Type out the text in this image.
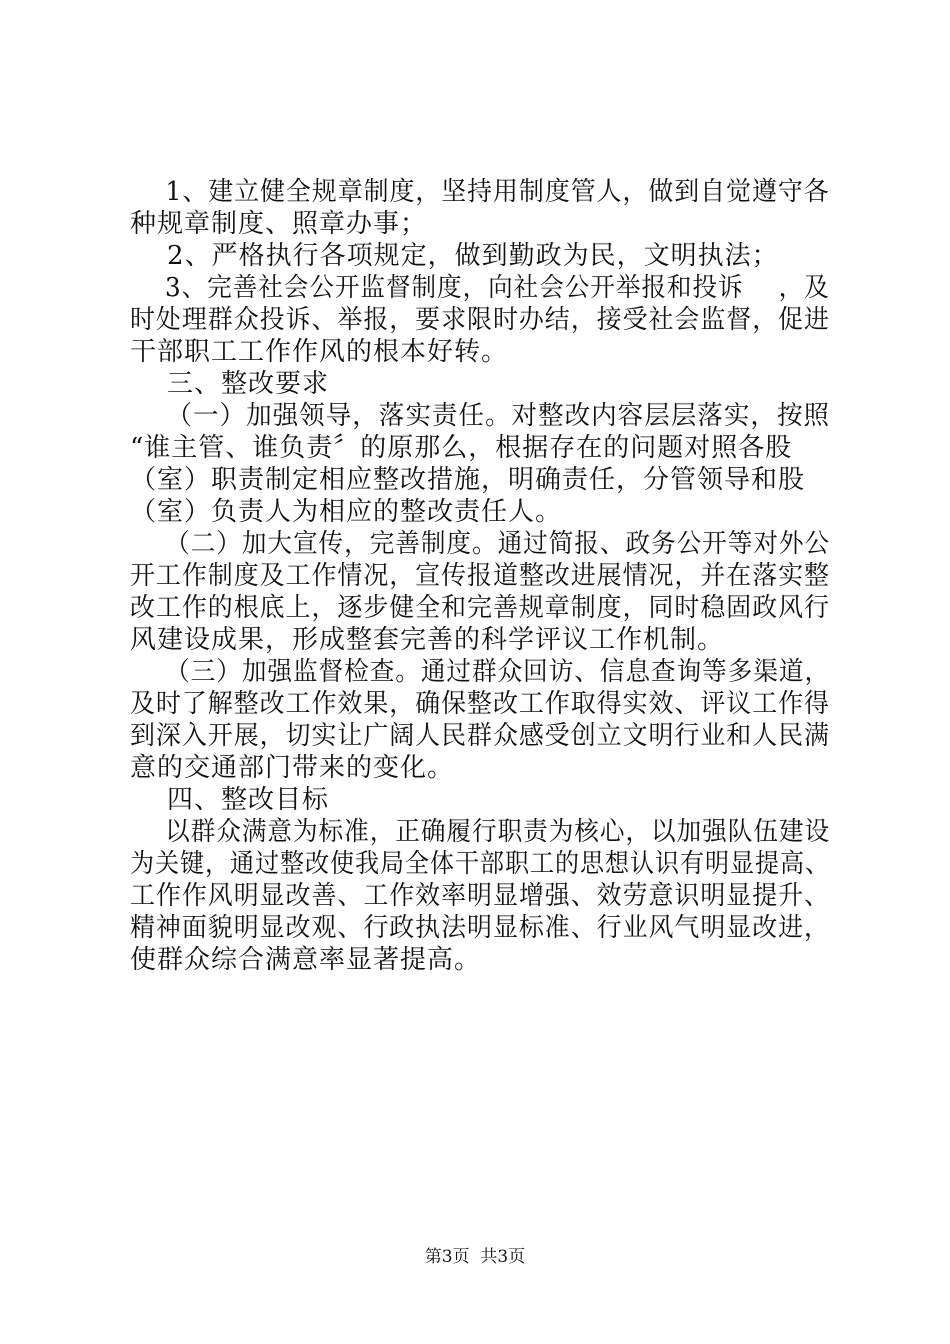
1、建立健全规章制度，坚持用制度管人，做到自觉遵守各
种规章制度、照章办事；
2、严格执行各项规定，做到勤政为民，文明执法；
3、完善社会公开监督制度，向社会公开举报和投诉    ，及
时处理群众投诉、举报，要求限时办结，接受社会监督，促进
干部职工工作作风的根本好转。
三、整改要求
（一）加强领导，落实责任。对整改内容层层落实，按照
“谁主管、谁负责〞的原那么，根据存在的问题对照各股
（室）职责制定相应整改措施，明确责任，分管领导和股
（室）负责人为相应的整改责任人。
（二）加大宣传，完善制度。通过简报、政务公开等对外公
开工作制度及工作情况，宣传报道整改进展情况，并在落实整
改工作的根底上，逐步健全和完善规章制度，同时稳固政风行
风建设成果，形成整套完善的科学评议工作机制。
（三）加强监督检查。通过群众回访、信息查询等多渠道，
及时了解整改工作效果，确保整改工作取得实效、评议工作得
到深入开展，切实让广阔人民群众感受创立文明行业和人民满
意的交通部门带来的变化。
四、整改目标
以群众满意为标准，正确履行职责为核心，以加强队伍建设
为关键，通过整改使我局全体干部职工的思想认识有明显提高、
工作作风明显改善、工作效率明显增强、效劳意识明显提升、
精神面貌明显改观、行政执法明显标准、行业风气明显改进，
使群众综合满意率显著提高。
第3页  共3页
